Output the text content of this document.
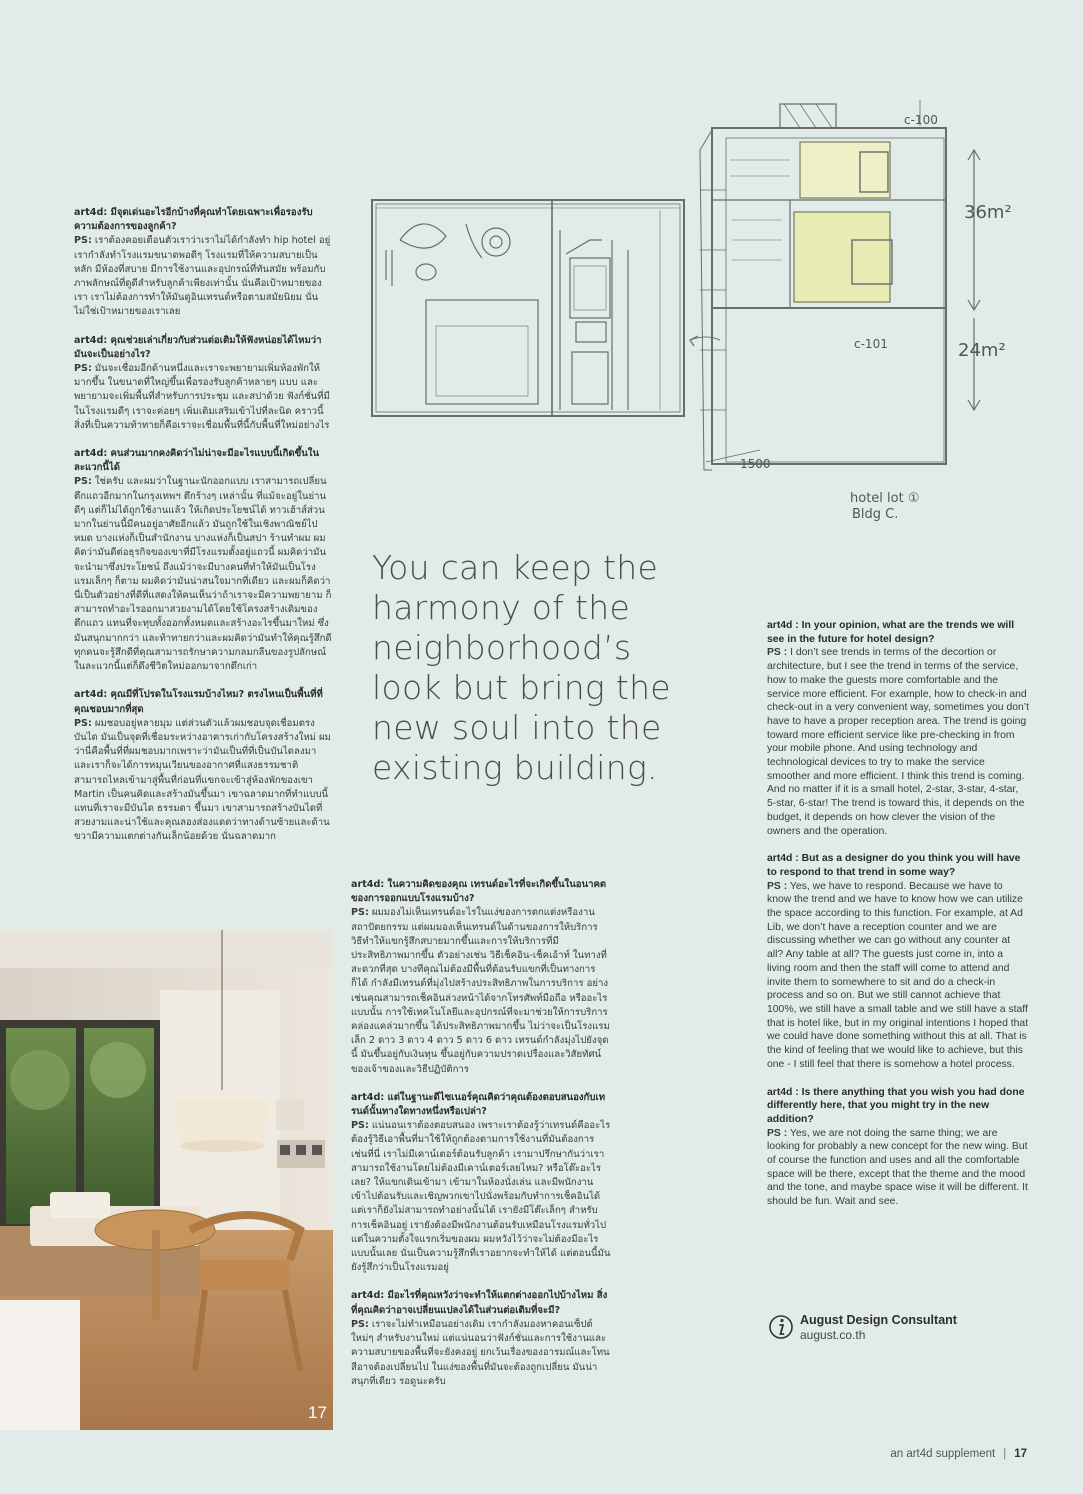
c-100
c-101
36m²
24m²
1500
hotel lot ①
Bldg C.
art4d: มีจุดเด่นอะไรอีกบ้างที่คุณทำโดยเฉพาะเพื่อรองรับความต้องการของลูกค้า?

PS: เราต้องคอยเตือนตัวเราว่าเราไม่ได้กำลังทำ hip hotel อยู่ เรากำลังทำโรงแรมขนาดพอดีๆ โรงแรมที่ให้ความสบายเป็นหลัก มีห้องที่สบาย มีการใช้งานและอุปกรณ์ที่ทันสมัย พร้อมกับภาพลักษณ์ที่ดูดีสำหรับลูกค้าเพียงเท่านั้น นั่นคือเป้าหมายของเรา เราไม่ต้องการทำให้มันดูอินเทรนด์หรือตามสมัยนิยม นั่นไม่ใช่เป้าหมายของเราเลย

art4d: คุณช่วยเล่าเกี่ยวกับส่วนต่อเติมให้ฟังหน่อยได้ไหมว่ามันจะเป็นอย่างไร?

PS: มันจะเชื่อมอีกด้านหนึ่งและเราจะพยายามเพิ่มห้องพักให้มากขึ้น ในขนาดที่ใหญ่ขึ้นเพื่อรองรับลูกค้าหลายๆ แบบ และพยายามจะเพิ่มพื้นที่สำหรับการประชุม และสปาด้วย ฟังก์ชั่นที่มีในโรงแรมดีๆ เราจะค่อยๆ เพิ่มเติมเสริมเข้าไปที่ละนิด คราวนี้สิ่งที่เป็นความท้าทายก็คือเราจะเชื่อมพื้นที่นี้กับพื้นที่ใหม่อย่างไร

art4d: คนส่วนมากคงคิดว่าไม่น่าจะมีอะไรแบบนี้เกิดขึ้นในละแวกนี้ได้

PS: ใช่ครับ และผมว่าในฐานะนักออกแบบ เราสามารถเปลี่ยนตึกแถวอีกมากในกรุงเทพฯ ตึกร้างๆ เหล่านั้น ที่แม้จะอยู่ในย่านดีๆ แต่ก็ไม่ได้ถูกใช้งานแล้ว ให้เกิดประโยชน์ได้ ทาวเฮ้าส์ส่วนมากในย่านนี้มีคนอยู่อาศัยอีกแล้ว มันถูกใช้ในเชิงพาณิชย์ไปหมด บางแห่งก็เป็นสำนักงาน บางแห่งก็เป็นสปา ร้านทำผม ผมคิดว่ามันดีต่อธุรกิจของเขาที่มีโรงแรมตั้งอยู่แถวนี้ ผมคิดว่ามันจะนำมาซึ่งประโยชน์ ถึงแม้ว่าจะมีบางคนที่ทำให้มันเป็นโรงแรมเล็กๆ ก็ตาม ผมคิดว่ามันน่าสนใจมากที่เดียว และผมก็คิดว่านี่เป็นตัวอย่างที่ดีที่แสดงให้คนเห็นว่าถ้าเราจะมีความพยายาม ก็สามารถทำอะไรออกมาสวยงามได้โดยใช้โครงสร้างเดิมของตึกแถว แทนที่จะทุบทั้งออกทั้งหมดและสร้างอะไรขึ้นมาใหม่ ซึ่งมันสนุกมากกว่า และท้าทายกว่าและผมคิดว่ามันทำให้คุณรู้สึกดี ทุกคนจะรู้สึกดีที่คุณสามารถรักษาความกลมกลืนของรูปลักษณ์ในละแวกนี้แต่ก็ดึงชีวิตใหม่ออกมาจากตึกเก่า

art4d: คุณมีที่โปรดในโรงแรมบ้างไหม? ตรงไหนเป็นพื้นที่ที่คุณชอบมากที่สุด

PS: ผมชอบอยู่หลายมุม แต่ส่วนตัวแล้วผมชอบจุดเชื่อมตรงบันได มันเป็นจุดที่เชื่อมระหว่างอาคารเก่ากับโครงสร้างใหม่ ผมว่านี่คือพื้นที่ที่ผมชอบมากเพราะว่ามันเป็นที่ที่เป็นบันไดลงมาและเราก็จะได้การหมุนเวียนของอากาศที่แสงธรรมชาติสามารถไหลเข้ามาสู่พื้นที่ก่อนที่แขกจะเข้าสู่ห้องพักของเขา Martin เป็นคนคิดและสร้างมันขึ้นมา เขาฉลาดมากที่ทำแบบนี้ แทนที่เราจะมีบันได ธรรมดา ขึ้นมา เขาสามารถสร้างบันไดที่สวยงามและน่าใช้และคุณลองส่องแดดว่าทางด้านซ้ายและด้านขวามีความแตกต่างกันเล็กน้อยด้วย นั่นฉลาดมาก

You can keep the harmony of the neighborhood’s look but bring the new soul into the existing building.
art4d: ในความคิดของคุณ เทรนด์อะไรที่จะเกิดขึ้นในอนาคตของการออกแบบโรงแรมบ้าง?

PS: ผมมองไม่เห็นเทรนด์อะไรในแง่ของการตกแต่งหรืองานสถาปัตยกรรม แต่ผมมองเห็นเทรนด์ในด้านของการให้บริการ วิธีทำให้แขกรู้สึกสบายมากขึ้นและการให้บริการที่มีประสิทธิภาพมากขึ้น ตัวอย่างเช่น วิธีเช็คอิน-เช็คเอ้าท์ ในทางที่สะดวกที่สุด บางทีคุณไม่ต้องมีพื้นที่ต้อนรับแขกที่เป็นทางการก็ได้ กำลังมีเทรนด์ที่มุ่งไปสร้างประสิทธิภาพในการบริการ อย่างเช่นคุณสามารถเช็คอินล่วงหน้าได้จากโทรศัพท์มือถือ หรืออะไรแบบนั้น การใช้เทคโนโลยีและอุปกรณ์ที่จะมาช่วยให้การบริการคล่องแคล่วมากขึ้น ได้ประสิทธิภาพมากขึ้น ไม่ว่าจะเป็นโรงแรมเล็ก 2 ดาว 3 ดาว 4 ดาว 5 ดาว 6 ดาว เทรนด์กำลังมุ่งไปยังจุดนี้ มันขึ้นอยู่กับเงินทุน ขึ้นอยู่กับความปราดเปรื่องและวิสัยทัศน์ของเจ้าของและวิธีปฏิบัติการ

art4d: แต่ในฐานะดีไซเนอร์คุณคิดว่าคุณต้องตอบสนองกับเทรนด์นั้นทางใดทางหนึ่งหรือเปล่า?

PS: แน่นอนเราต้องตอบสนอง เพราะเราต้องรู้ว่าเทรนด์คืออะไร ต้องรู้วิธีเอาพื้นที่มาใช้ให้ถูกต้องตามการใช้งานที่มันต้องการ เช่นที่นี่ เราไม่มีเคาน์เตอร์ต้อนรับลูกค้า เรามาปรึกษากันว่าเราสามารถใช้งานโดยไม่ต้องมีเคาน์เตอร์เลยไหม? หรือโต๊ะอะไรเลย? ให้แขกเดินเข้ามา เข้ามาในห้องนั่งเล่น และมีพนักงานเข้าไปต้อนรับและเชิญพวกเขาไปนั่งพร้อมกับทำการเช็คอินได้ แต่เราก็ยังไม่สามารถทำอย่างนั้นได้ เรายังมีโต๊ะเล็กๆ สำหรับการเช็คอินอยู่ เรายังต้องมีพนักงานต้อนรับเหมือนโรงแรมทั่วไป แต่ในความตั้งใจแรกเริ่มของผม ผมหวังไว้ว่าจะไม่ต้องมีอะไรแบบนั้นเลย นั่นเป็นความรู้สึกที่เราอยากจะทำให้ได้ แต่ตอนนี้มันยังรู้สึกว่าเป็นโรงแรมอยู่

art4d: มีอะไรที่คุณหวังว่าจะทำให้แตกต่างออกไปบ้างไหม สิ่งที่คุณคิดว่าอาจเปลี่ยนแปลงได้ในส่วนต่อเติมที่จะมี?

PS: เราจะไม่ทำเหมือนอย่างเดิม เรากำลังมองหาคอนเซ็ปต์ใหม่ๆ สำหรับงานใหม่ แต่แน่นอนว่าฟังก์ชั่นและการใช้งานและความสบายของพื้นที่จะยังคงอยู่ ยกเว้นเรื่องของอารมณ์และโทนสีอาจต้องเปลี่ยนไป ในแง่ของพื้นที่มันจะต้องถูกเปลี่ยน มันน่าสนุกที่เดียว รอดูนะครับ

art4d : In your opinion, what are the trends we will see in the future for hotel design?

PS : I don’t see trends in terms of the decortion or architecture, but I see the trend in terms of the service, how to make the guests more comfortable and the service more efficient. For example, how to check-in and check-out in a very convenient way, sometimes you don’t have to have a proper reception area. The trend is going toward more efficient service like pre-checking in from your mobile phone. And using technology and technological devices to try to make the service smoother and more efficient. I think this trend is coming. And no matter if it is a small hotel, 2-star, 3-star, 4-star, 5-star, 6-star! The trend is toward this, it depends on the budget, it depends on how clever the vision of the owners and the operation.

art4d : But as a designer do you think you will have to respond to that trend in some way?

PS : Yes, we have to respond. Because we have to know the trend and we have to know how we can utilize the space according to this function. For example, at Ad Lib, we don’t have a reception counter and we are discussing whether we can go without any counter at all? Any table at all? The guests just come in, into a living room and then the staff will come to attend and invite them to somewhere to sit and do a check-in process and so on. But we still cannot achieve that 100%, we still have a small table and we still have a staff that is hotel like, but in my original intentions I hoped that we could have done something without this at all. That is the kind of feeling that we would like to achieve, but this one - I still feel that there is somehow a hotel process.

art4d : Is there anything that you wish you had done differently here, that you might try in the new addition?

PS : Yes, we are not doing the same thing; we are looking for probably a new concept for the new wing. But of course the function and uses and all the comfortable space will be there, except that the theme and the mood and the tone, and maybe space wise it will be different. It should be fun. Wait and see.

August Design Consultant
august.co.th
17
an art4d supplement | 17
